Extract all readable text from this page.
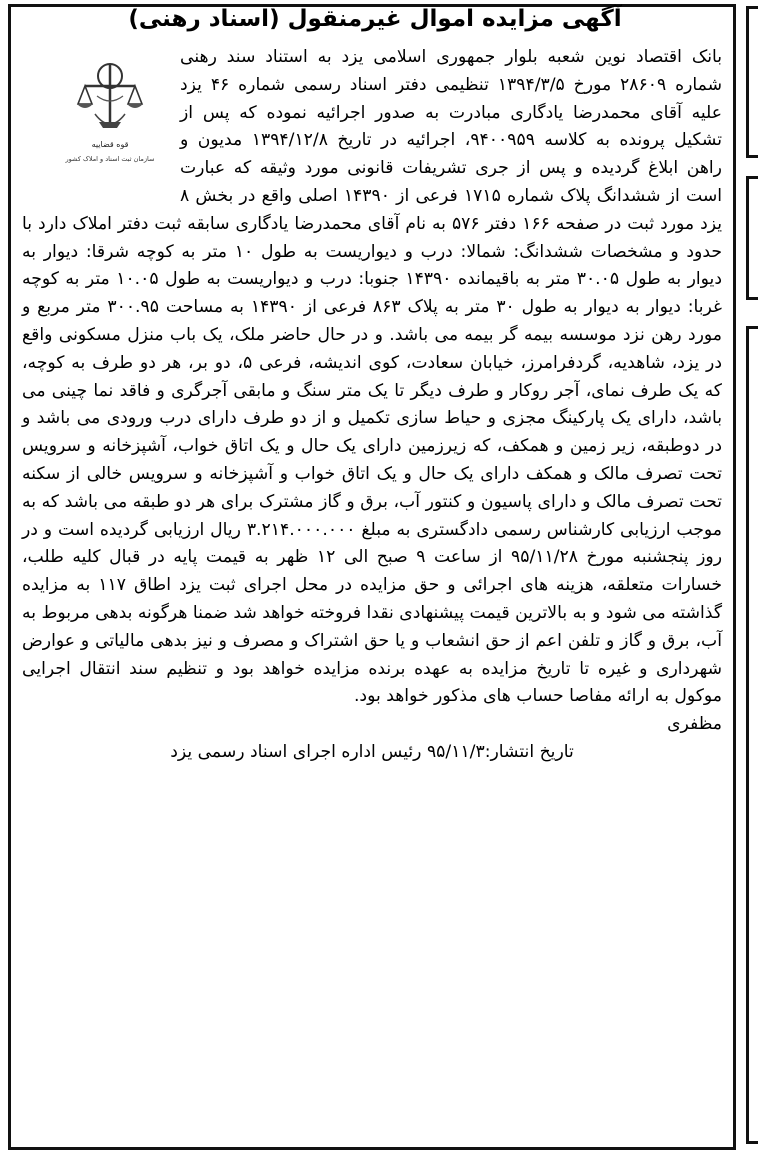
آگهی مزایده اموال غیرمنقول (اسناد رهنی)
قوه قضاییه
سازمان ثبت اسناد و املاک کشور

بانک اقتصاد نوین شعبه بلوار جمهوری اسلامی یزد به استناد سند رهنی شماره ۲۸۶۰۹ مورخ ۱۳۹۴/۳/۵ تنظیمی دفتر اسناد رسمی شماره ۴۶ یزد علیه آقای محمدرضا یادگاری مبادرت به صدور اجرائیه نموده که پس از تشکیل پرونده به کلاسه ۹۴۰۰۹۵۹، اجرائیه در تاریخ ۱۳۹۴/۱۲/۸ مدیون و راهن ابلاغ گردیده و پس از جری تشریفات قانونی مورد وثیقه که عبارت است از ششدانگ پلاک شماره ۱۷۱۵ فرعی از ۱۴۳۹۰ اصلی واقع در بخش ۸ یزد مورد ثبت در صفحه ۱۶۶ دفتر ۵۷۶ به نام آقای محمدرضا یادگاری سابقه ثبت دفتر املاک دارد با حدود و مشخصات ششدانگ: شمالا: درب و دیواریست به طول ۱۰ متر به کوچه شرقا: دیوار به دیوار به طول ۳۰.۰۵ متر به باقیمانده ۱۴۳۹۰ جنوبا: درب و دیواریست به طول ۱۰.۰۵ متر به کوچه غربا: دیوار به دیوار به طول ۳۰ متر به پلاک ۸۶۳ فرعی از ۱۴۳۹۰ به مساحت ۳۰۰.۹۵ متر مربع و مورد رهن نزد موسسه بیمه گر بیمه می باشد. و در حال حاضر ملک، یک باب منزل مسکونی واقع در یزد، شاهدیه، گردفرامرز، خیابان سعادت، کوی اندیشه، فرعی ۵، دو بر، هر دو طرف به کوچه، که یک طرف نمای، آجر روکار و طرف دیگر تا یک متر سنگ و مابقی آجرگری و فاقد نما چینی می باشد، دارای یک پارکینگ مجزی و حیاط سازی تکمیل و از دو طرف دارای درب ورودی می باشد و در دوطبقه، زیر زمین و همکف، که زیرزمین دارای یک حال و یک اتاق خواب، آشپزخانه و سرویس تحت تصرف مالک و همکف دارای یک حال و یک اتاق خواب و آشپزخانه و سرویس خالی از سکنه تحت تصرف مالک و دارای پاسیون و کنتور آب، برق و گاز مشترک برای هر دو طبقه می باشد که به موجب ارزیابی کارشناس رسمی دادگستری به مبلغ ۳.۲۱۴.۰۰۰.۰۰۰ ریال ارزیابی گردیده است و در روز پنجشنبه مورخ ۹۵/۱۱/۲۸ از ساعت ۹ صبح الی ۱۲ ظهر به قیمت پایه در قبال کلیه طلب، خسارات متعلقه، هزینه های اجرائی و حق مزایده در محل اجرای ثبت یزد اطاق ۱۱۷ به مزایده گذاشته می شود و به بالاترین قیمت پیشنهادی نقدا فروخته خواهد شد ضمنا هرگونه بدهی مربوط به آب، برق و گاز و تلفن اعم از حق انشعاب و یا حق اشتراک و مصرف و نیز بدهی مالیاتی و عوارض شهرداری و غیره تا تاریخ مزایده به عهده برنده مزایده خواهد بود و تنظیم سند انتقال اجرایی موکول به ارائه مفاصا حساب های مذکور خواهد بود.

مظفری

تاریخ انتشار:۹۵/۱۱/۳ رئیس اداره اجرای اسناد رسمی یزد
